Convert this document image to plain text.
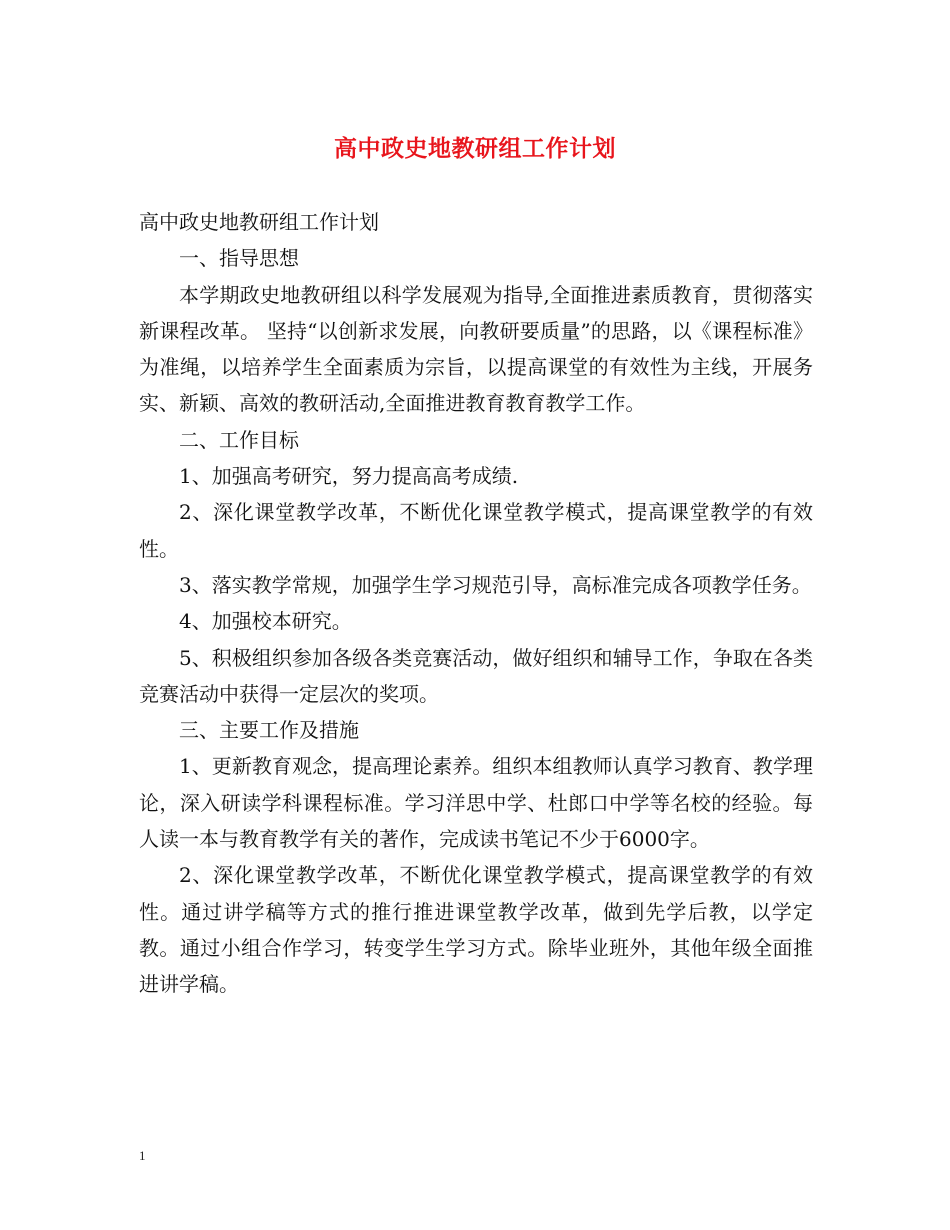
高中政史地教研组工作计划

高中政史地教研组工作计划

一、指导思想

本学期政史地教研组以科学发展观为指导,全面推进素质教育，贯彻落实新课程改革。 坚持“以创新求发展，向教研要质量”的思路，以《课程标准》为准绳，以培养学生全面素质为宗旨，以提高课堂的有效性为主线，开展务实、新颖、高效的教研活动,全面推进教育教育教学工作。

二、工作目标

1、加强高考研究，努力提高高考成绩.

2、深化课堂教学改革，不断优化课堂教学模式，提高课堂教学的有效性。

3、落实教学常规，加强学生学习规范引导，高标准完成各项教学任务。

4、加强校本研究。

5、积极组织参加各级各类竞赛活动，做好组织和辅导工作，争取在各类竞赛活动中获得一定层次的奖项。

三、主要工作及措施

1、更新教育观念，提高理论素养。组织本组教师认真学习教育、教学理论，深入研读学科课程标准。学习洋思中学、杜郎口中学等名校的经验。每人读一本与教育教学有关的著作，完成读书笔记不少于6000字。

2、深化课堂教学改革，不断优化课堂教学模式，提高课堂教学的有效性。通过讲学稿等方式的推行推进课堂教学改革，做到先学后教，以学定教。通过小组合作学习，转变学生学习方式。除毕业班外，其他年级全面推进讲学稿。

1
